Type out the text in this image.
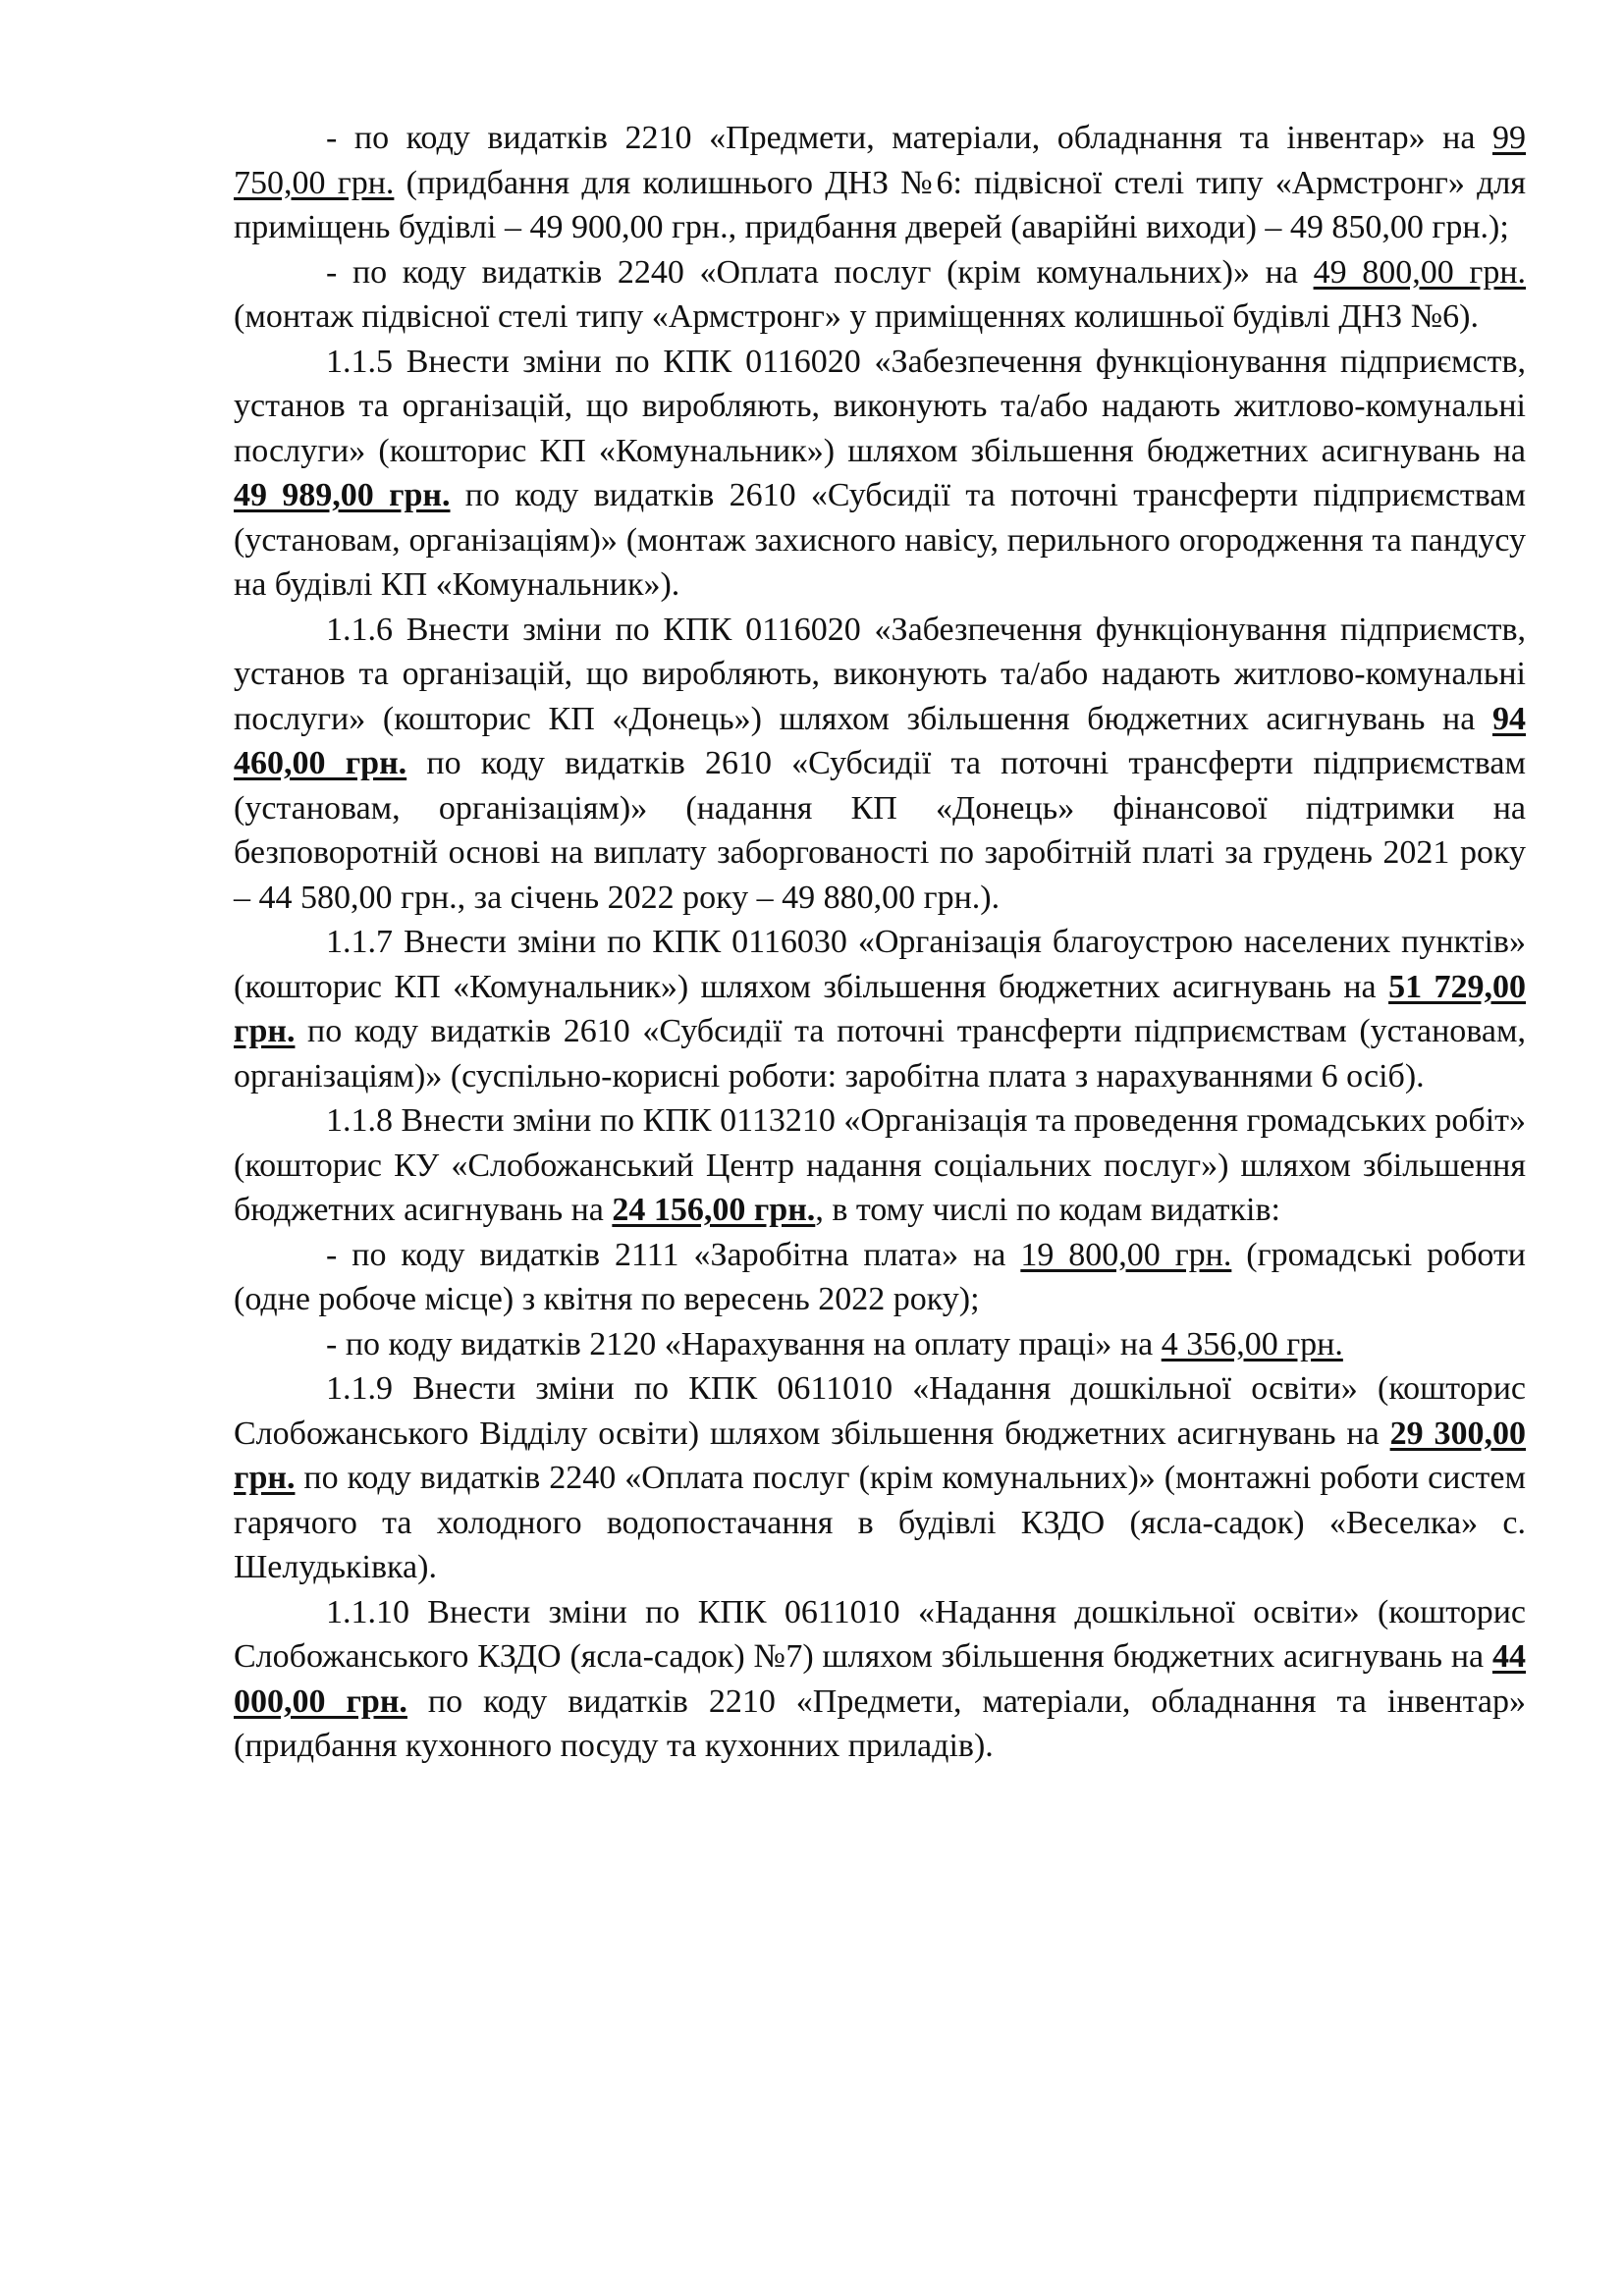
- по коду видатків 2210 «Предмети, матеріали, обладнання та інвентар» на 99 750,00 грн. (придбання для колишнього ДНЗ №6: підвісної стелі типу «Армстронг» для приміщень будівлі – 49 900,00 грн., придбання дверей (аварійні виходи) – 49 850,00 грн.);

- по коду видатків 2240 «Оплата послуг (крім комунальних)» на 49 800,00 грн. (монтаж підвісної стелі типу «Армстронг» у приміщеннях колишньої будівлі ДНЗ №6).

1.1.5 Внести зміни по КПК 0116020 «Забезпечення функціонування підприємств, установ та організацій, що виробляють, виконують та/або надають житлово-комунальні послуги» (кошторис КП «Комунальник») шляхом збільшення бюджетних асигнувань на 49 989,00 грн. по коду видатків 2610 «Субсидії та поточні трансферти підприємствам (установам, організаціям)» (монтаж захисного навісу, перильного огородження та пандусу на будівлі КП «Комунальник»).

1.1.6 Внести зміни по КПК 0116020 «Забезпечення функціонування підприємств, установ та організацій, що виробляють, виконують та/або надають житлово-комунальні послуги» (кошторис КП «Донець») шляхом збільшення бюджетних асигнувань на 94 460,00 грн. по коду видатків 2610 «Субсидії та поточні трансферти підприємствам (установам, організаціям)» (надання КП «Донець» фінансової підтримки на безповоротній основі на виплату заборгованості по заробітній платі за грудень 2021 року – 44 580,00 грн., за січень 2022 року – 49 880,00 грн.).

1.1.7 Внести зміни по КПК 0116030 «Організація благоустрою населених пунктів» (кошторис КП «Комунальник») шляхом збільшення бюджетних асигнувань на 51 729,00 грн. по коду видатків 2610 «Субсидії та поточні трансферти підприємствам (установам, організаціям)» (суспільно-корисні роботи: заробітна плата з нарахуваннями 6 осіб).

1.1.8 Внести зміни по КПК 0113210 «Організація та проведення громадських робіт» (кошторис КУ «Слобожанський Центр надання соціальних послуг») шляхом збільшення бюджетних асигнувань на 24 156,00 грн., в тому числі по кодам видатків:

- по коду видатків 2111 «Заробітна плата» на 19 800,00 грн. (громадські роботи (одне робоче місце) з квітня по вересень 2022 року);

- по коду видатків 2120 «Нарахування на оплату праці» на 4 356,00 грн.

1.1.9 Внести зміни по КПК 0611010 «Надання дошкільної освіти» (кошторис Слобожанського Відділу освіти) шляхом збільшення бюджетних асигнувань на 29 300,00 грн. по коду видатків 2240 «Оплата послуг (крім комунальних)» (монтажні роботи систем гарячого та холодного водопостачання в будівлі КЗДО (ясла-садок) «Веселка» с. Шелудьківка).

1.1.10 Внести зміни по КПК 0611010 «Надання дошкільної освіти» (кошторис Слобожанського КЗДО (ясла-садок) №7) шляхом збільшення бюджетних асигнувань на 44 000,00 грн. по коду видатків 2210 «Предмети, матеріали, обладнання та інвентар» (придбання кухонного посуду та кухонних приладів).
